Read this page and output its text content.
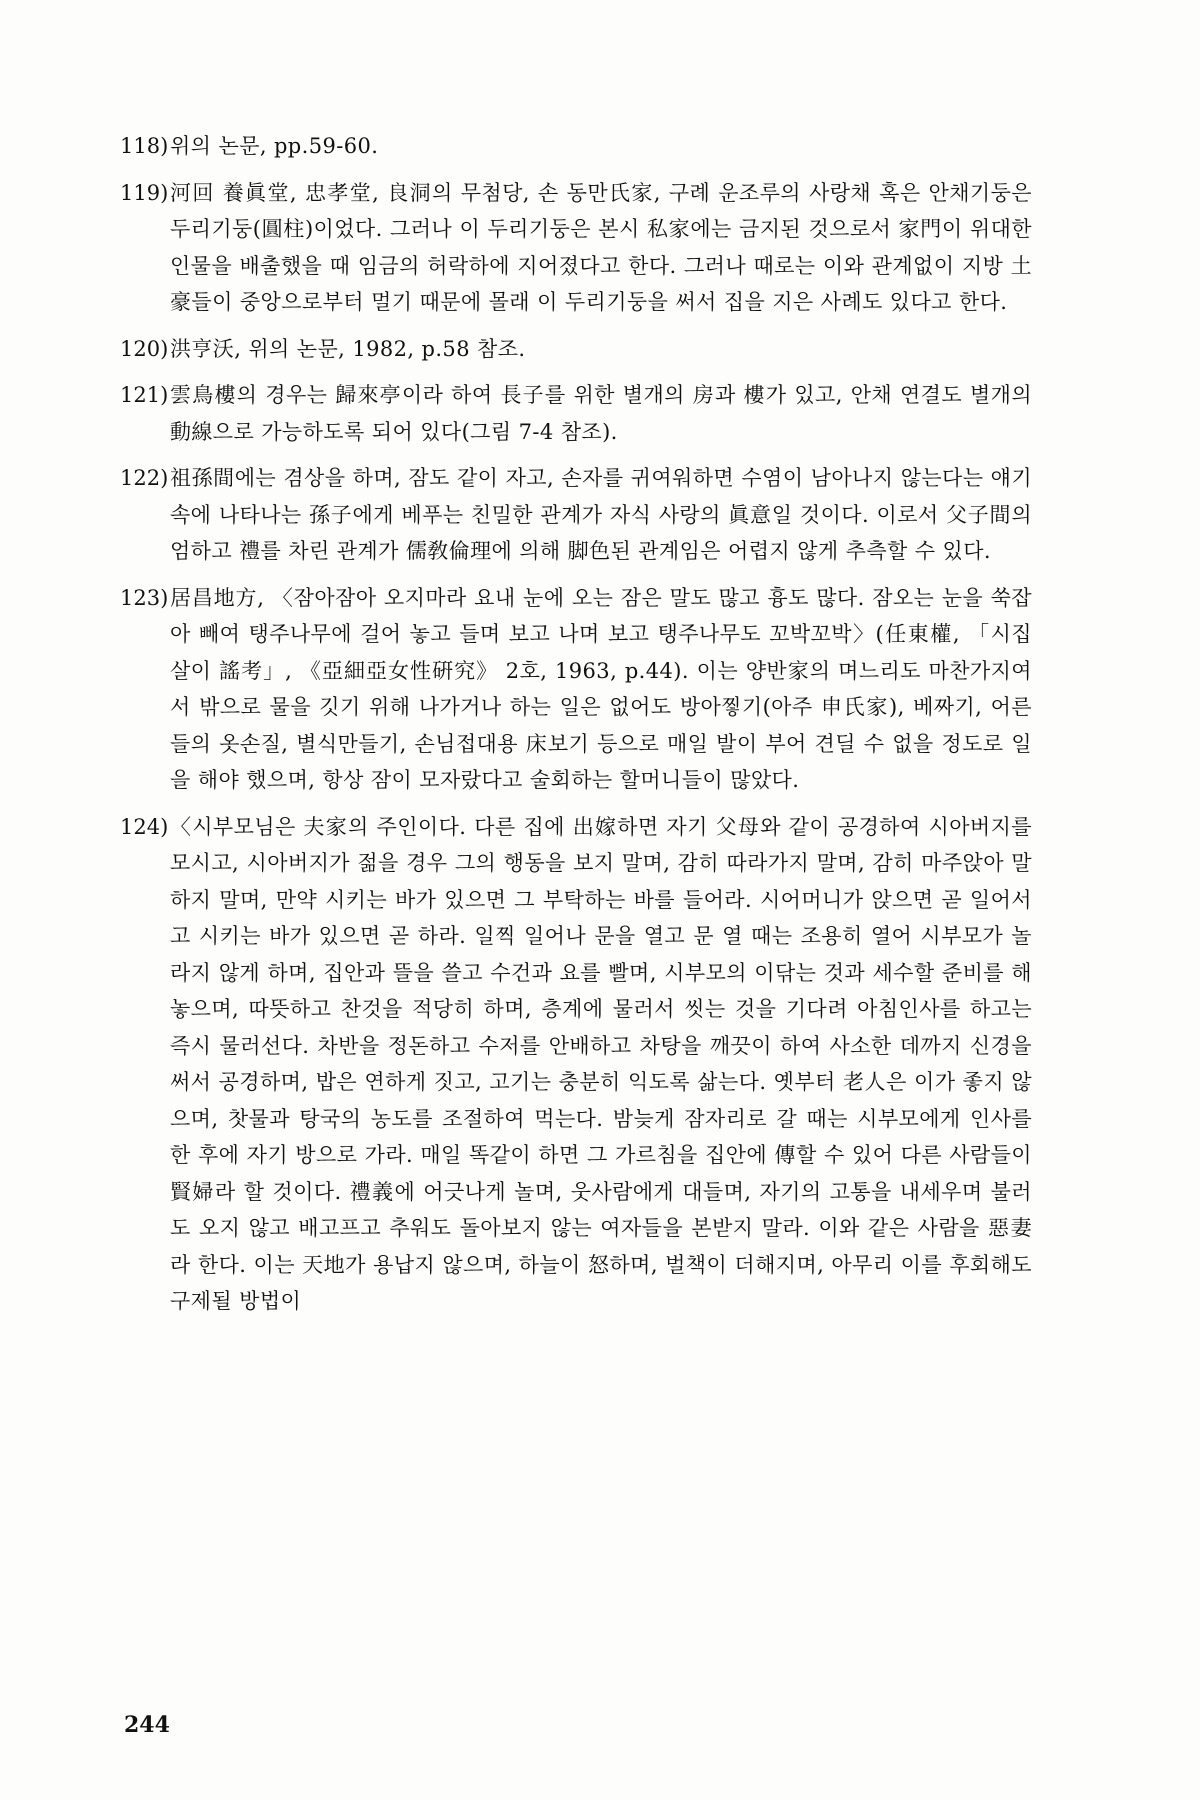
118) 위의 논문, pp.59-60.
119) 河回 養眞堂, 忠孝堂, 良洞의 무첨당, 손 동만氏家, 구례 운조루의 사랑채 혹은 안채기둥은 두리기둥(圓柱)이었다. 그러나 이 두리기둥은 본시 私家에는 금지된 것으로서 家門이 위대한 인물을 배출했을 때 임금의 허락하에 지어졌다고 한다. 그러나 때로는 이와 관계없이 지방 土豪들이 중앙으로부터 멀기 때문에 몰래 이 두리기둥을 써서 집을 지은 사례도 있다고 한다.
120) 洪亨沃, 위의 논문, 1982, p.58 참조.
121) 雲鳥樓의 경우는 歸來亭이라 하여 長子를 위한 별개의 房과 樓가 있고, 안채 연결도 별개의 動線으로 가능하도록 되어 있다(그림 7-4 참조).
122) 祖孫間에는 겸상을 하며, 잠도 같이 자고, 손자를 귀여워하면 수염이 남아나지 않는다는 얘기 속에 나타나는 孫子에게 베푸는 친밀한 관계가 자식 사랑의 眞意일 것이다. 이로서 父子間의 엄하고 禮를 차린 관계가 儒敎倫理에 의해 脚色된 관계임은 어렵지 않게 추측할 수 있다.
123) 居昌地方, 〈잠아잠아 오지마라 요내 눈에 오는 잠은 말도 많고 흉도 많다. 잠오는 눈을 쑥잡아 빼여 탱주나무에 걸어 놓고 들며 보고 나며 보고 탱주나무도 꼬박꼬박〉(任東權, 「시집살이 謠考」, 《亞細亞女性硏究》 2호, 1963, p.44). 이는 양반家의 며느리도 마찬가지여서 밖으로 물을 깃기 위해 나가거나 하는 일은 없어도 방아찧기(아주 申氏家), 베짜기, 어른들의 옷손질, 별식만들기, 손님접대용 床보기 등으로 매일 발이 부어 견딜 수 없을 정도로 일을 해야 했으며, 항상 잠이 모자랐다고 술회하는 할머니들이 많았다.
124) 〈시부모님은 夫家의 주인이다. 다른 집에 出嫁하면 자기 父母와 같이 공경하여 시아버지를 모시고, 시아버지가 젊을 경우 그의 행동을 보지 말며, 감히 따라가지 말며, 감히 마주앉아 말하지 말며, 만약 시키는 바가 있으면 그 부탁하는 바를 들어라. 시어머니가 앉으면 곧 일어서고 시키는 바가 있으면 곧 하라. 일찍 일어나 문을 열고 문 열 때는 조용히 열어 시부모가 놀라지 않게 하며, 집안과 뜰을 쓸고 수건과 요를 빨며, 시부모의 이닦는 것과 세수할 준비를 해 놓으며, 따뜻하고 찬것을 적당히 하며, 층계에 물러서 씻는 것을 기다려 아침인사를 하고는 즉시 물러선다. 차반을 정돈하고 수저를 안배하고 차탕을 깨끗이 하여 사소한 데까지 신경을 써서 공경하며, 밥은 연하게 짓고, 고기는 충분히 익도록 삶는다. 옛부터 老人은 이가 좋지 않으며, 찻물과 탕국의 농도를 조절하여 먹는다. 밤늦게 잠자리로 갈 때는 시부모에게 인사를 한 후에 자기 방으로 가라. 매일 똑같이 하면 그 가르침을 집안에 傳할 수 있어 다른 사람들이 賢婦라 할 것이다. 禮義에 어긋나게 놀며, 웃사람에게 대들며, 자기의 고통을 내세우며 불러도 오지 않고 배고프고 추워도 돌아보지 않는 여자들을 본받지 말라. 이와 같은 사람을 惡妻라 한다. 이는 天地가 용납지 않으며, 하늘이 怒하며, 벌책이 더해지며, 아무리 이를 후회해도 구제될 방법이
244
